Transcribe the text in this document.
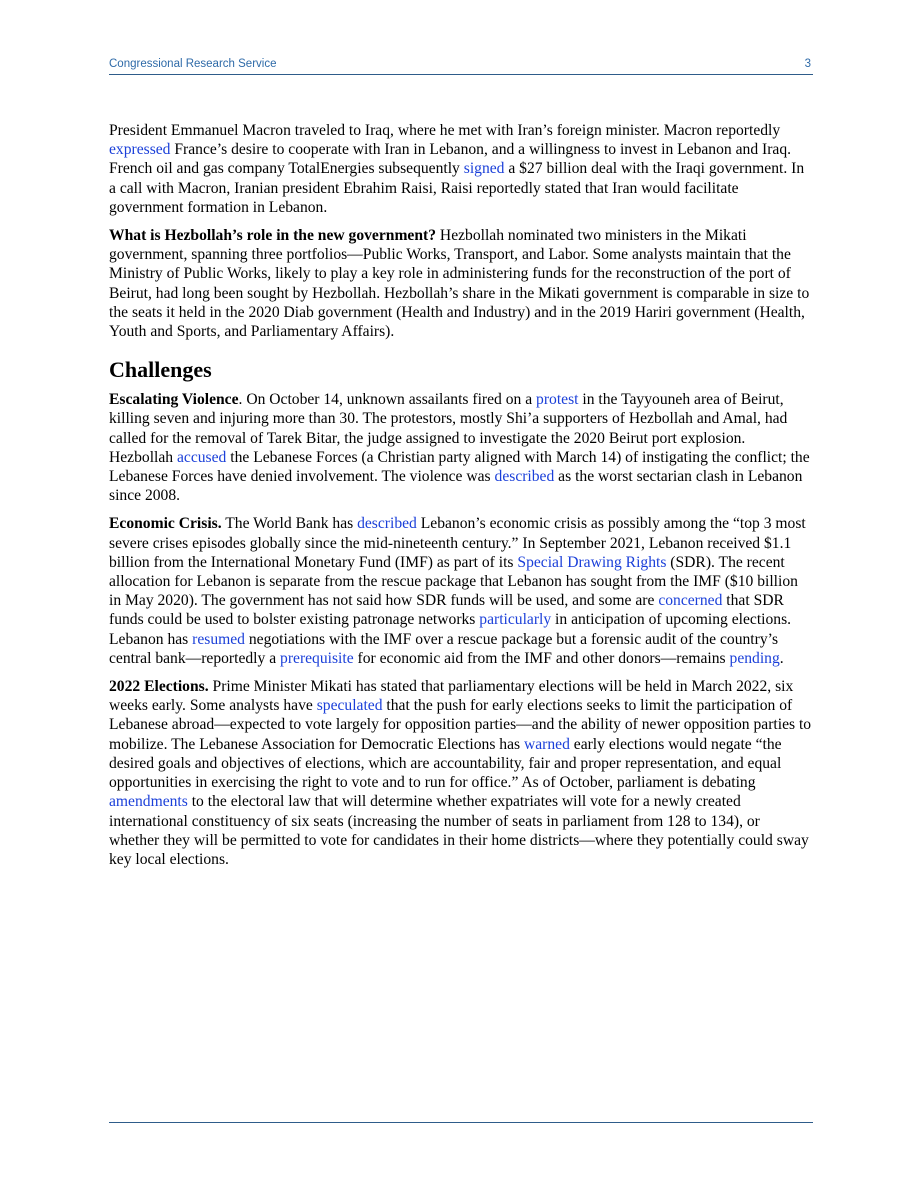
Congressional Research Service	3

President Emmanuel Macron traveled to Iraq, where he met with Iran’s foreign minister. Macron reportedly expressed France’s desire to cooperate with Iran in Lebanon, and a willingness to invest in Lebanon and Iraq. French oil and gas company TotalEnergies subsequently signed a $27 billion deal with the Iraqi government. In a call with Macron, Iranian president Ebrahim Raisi, Raisi reportedly stated that Iran would facilitate government formation in Lebanon.

What is Hezbollah’s role in the new government? Hezbollah nominated two ministers in the Mikati government, spanning three portfolios—Public Works, Transport, and Labor. Some analysts maintain that the Ministry of Public Works, likely to play a key role in administering funds for the reconstruction of the port of Beirut, had long been sought by Hezbollah. Hezbollah’s share in the Mikati government is comparable in size to the seats it held in the 2020 Diab government (Health and Industry) and in the 2019 Hariri government (Health, Youth and Sports, and Parliamentary Affairs).

Challenges

Escalating Violence. On October 14, unknown assailants fired on a protest in the Tayyouneh area of Beirut, killing seven and injuring more than 30. The protestors, mostly Shi’a supporters of Hezbollah and Amal, had called for the removal of Tarek Bitar, the judge assigned to investigate the 2020 Beirut port explosion. Hezbollah accused the Lebanese Forces (a Christian party aligned with March 14) of instigating the conflict; the Lebanese Forces have denied involvement. The violence was described as the worst sectarian clash in Lebanon since 2008.

Economic Crisis. The World Bank has described Lebanon’s economic crisis as possibly among the “top 3 most severe crises episodes globally since the mid-nineteenth century.” In September 2021, Lebanon received $1.1 billion from the International Monetary Fund (IMF) as part of its Special Drawing Rights (SDR). The recent allocation for Lebanon is separate from the rescue package that Lebanon has sought from the IMF ($10 billion in May 2020). The government has not said how SDR funds will be used, and some are concerned that SDR funds could be used to bolster existing patronage networks particularly in anticipation of upcoming elections. Lebanon has resumed negotiations with the IMF over a rescue package but a forensic audit of the country’s central bank—reportedly a prerequisite for economic aid from the IMF and other donors—remains pending.

2022 Elections. Prime Minister Mikati has stated that parliamentary elections will be held in March 2022, six weeks early. Some analysts have speculated that the push for early elections seeks to limit the participation of Lebanese abroad—expected to vote largely for opposition parties—and the ability of newer opposition parties to mobilize. The Lebanese Association for Democratic Elections has warned early elections would negate “the desired goals and objectives of elections, which are accountability, fair and proper representation, and equal opportunities in exercising the right to vote and to run for office.” As of October, parliament is debating amendments to the electoral law that will determine whether expatriates will vote for a newly created international constituency of six seats (increasing the number of seats in parliament from 128 to 134), or whether they will be permitted to vote for candidates in their home districts—where they potentially could sway key local elections.
